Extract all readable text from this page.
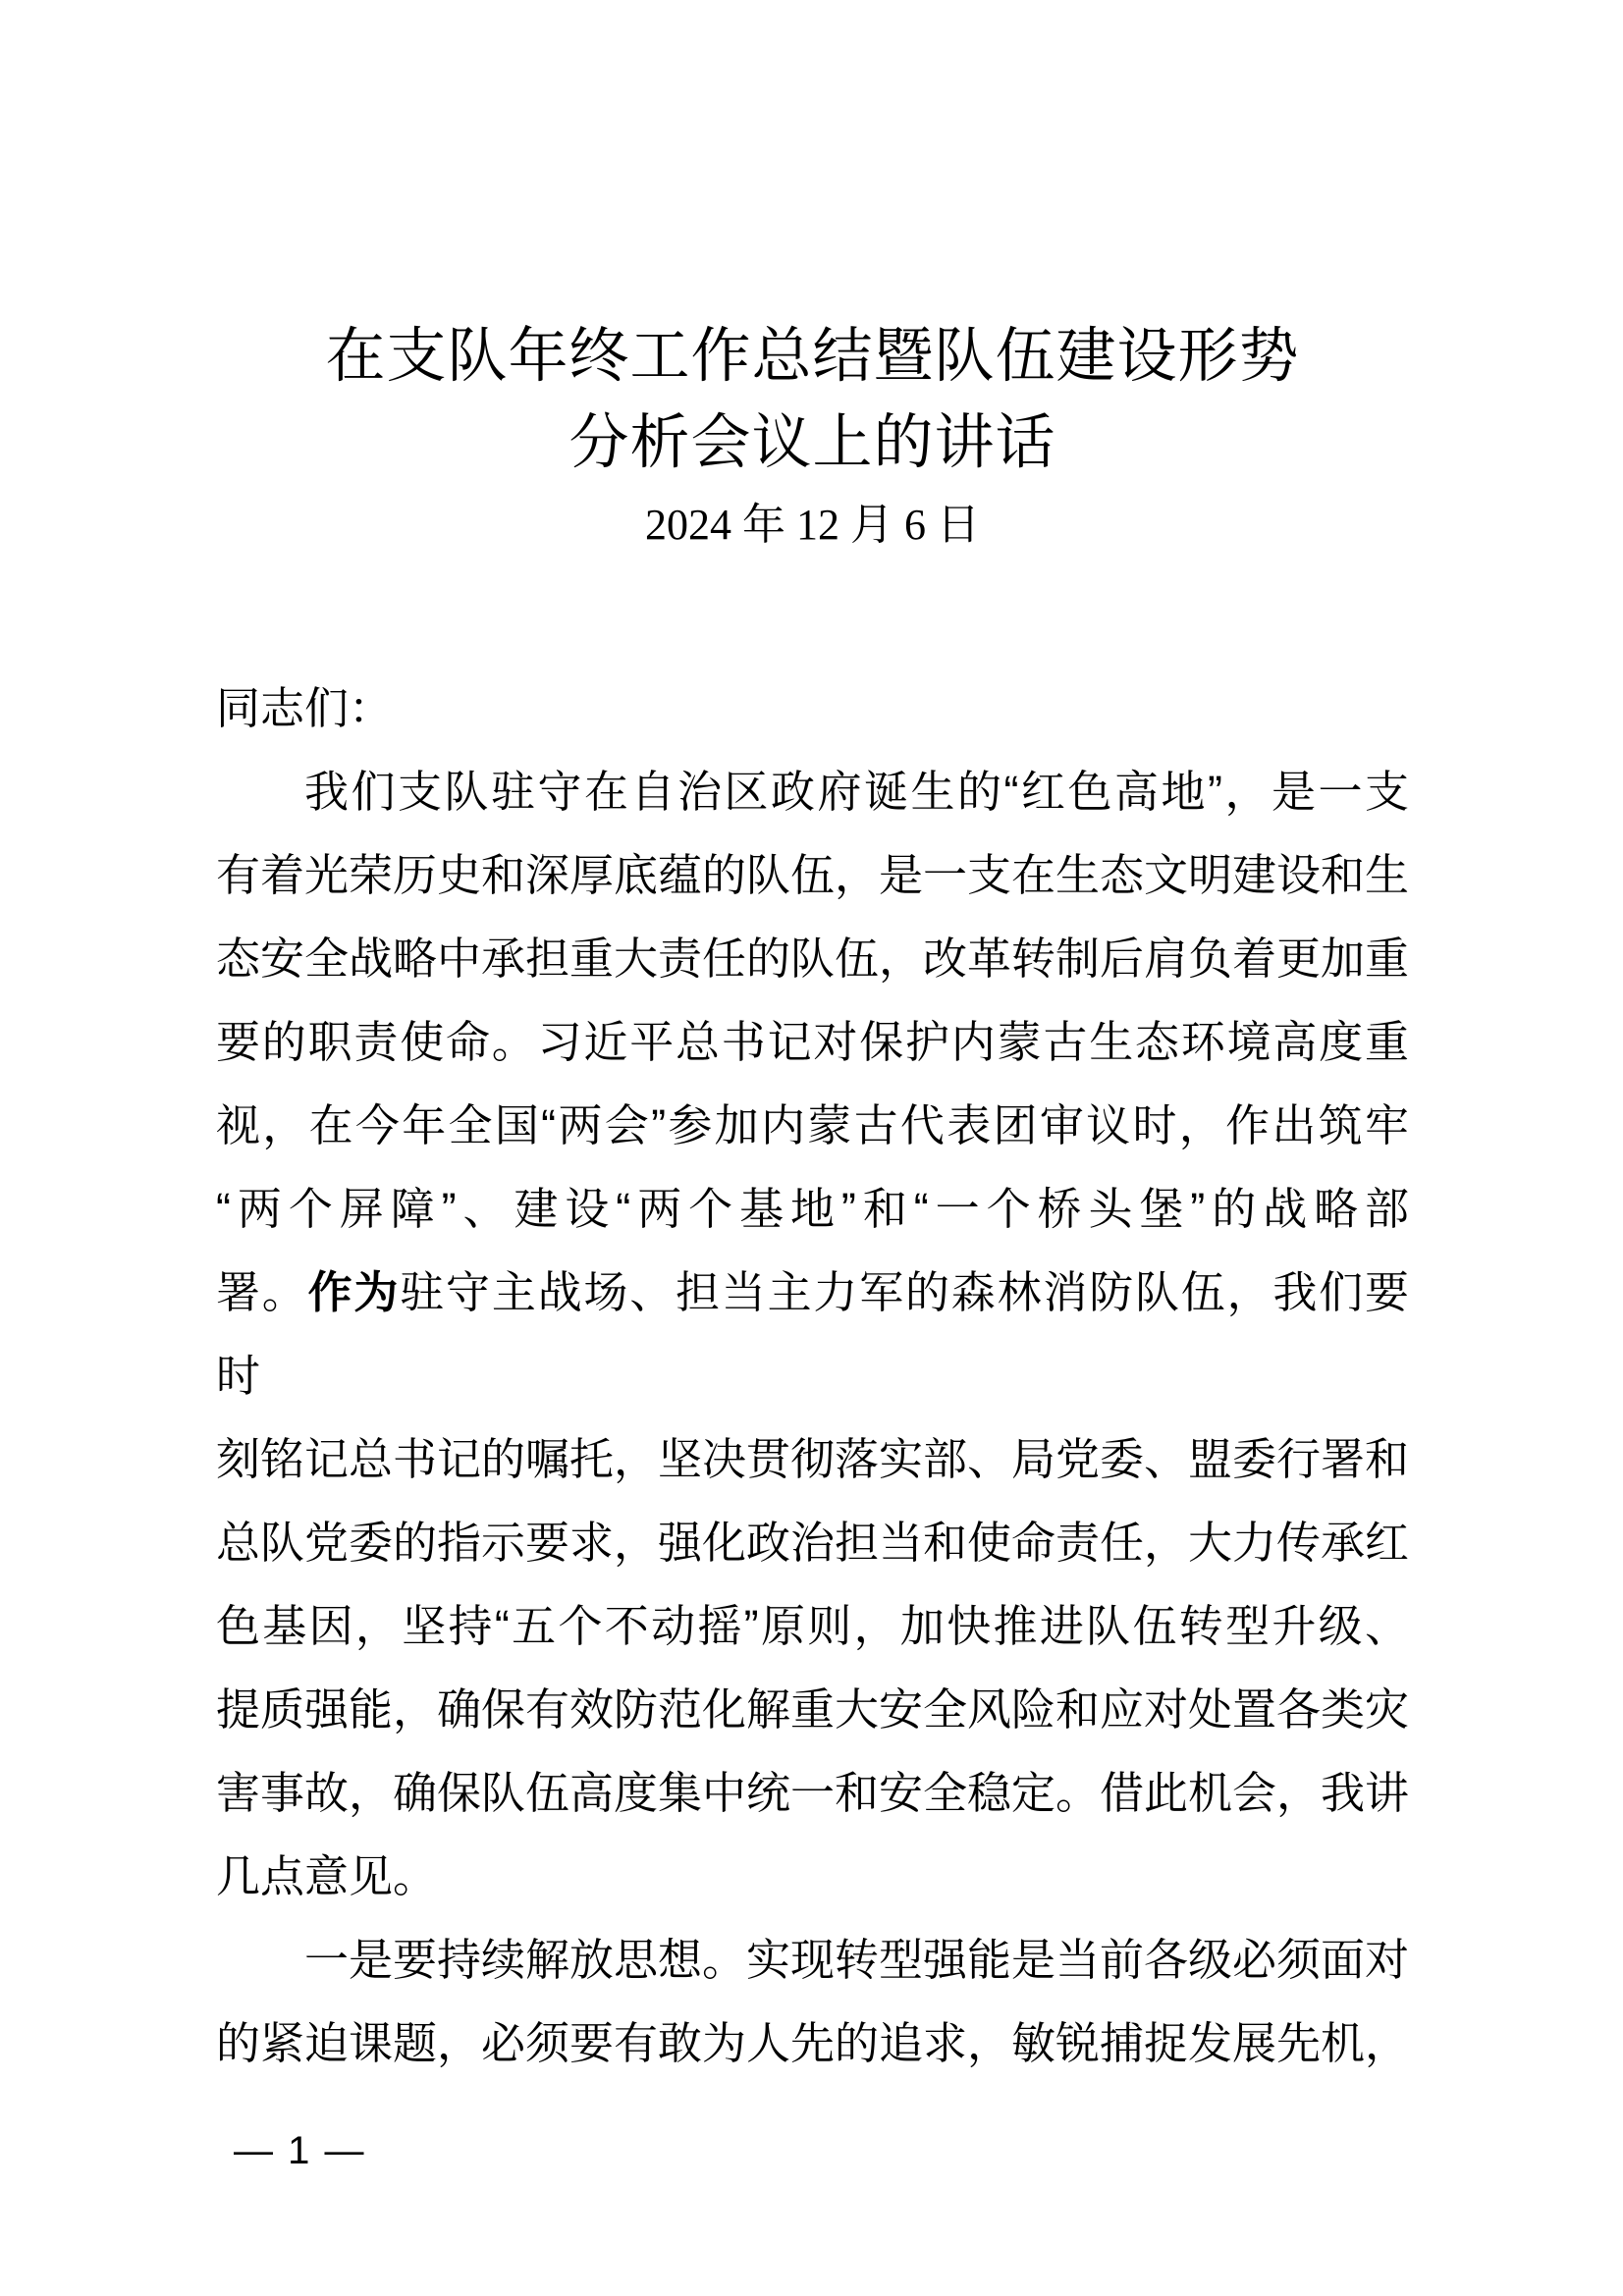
在支队年终工作总结暨队伍建设形势
分析会议上的讲话
2024 年 12 月 6 日
同志们：
我们支队驻守在自治区政府诞生的“红色高地”，是一支
有着光荣历史和深厚底蕴的队伍，是一支在生态文明建设和生
态安全战略中承担重大责任的队伍，改革转制后肩负着更加重
要的职责使命。习近平总书记对保护内蒙古生态环境高度重
视，在今年全国“两会”参加内蒙古代表团审议时，作出筑牢
“两个屏障”、建设“两个基地”和“一个桥头堡”的战略部
署。作为驻守主战场、担当主力军的森林消防队伍，我们要时
刻铭记总书记的嘱托，坚决贯彻落实部、局党委、盟委行署和
总队党委的指示要求，强化政治担当和使命责任，大力传承红
色基因，坚持“五个不动摇”原则，加快推进队伍转型升级、
提质强能，确保有效防范化解重大安全风险和应对处置各类灾
害事故，确保队伍高度集中统一和安全稳定。借此机会，我讲
几点意见。
一是要持续解放思想。实现转型强能是当前各级必须面对
的紧迫课题，必须要有敢为人先的追求，敏锐捕捉发展先机，
— 1 —
